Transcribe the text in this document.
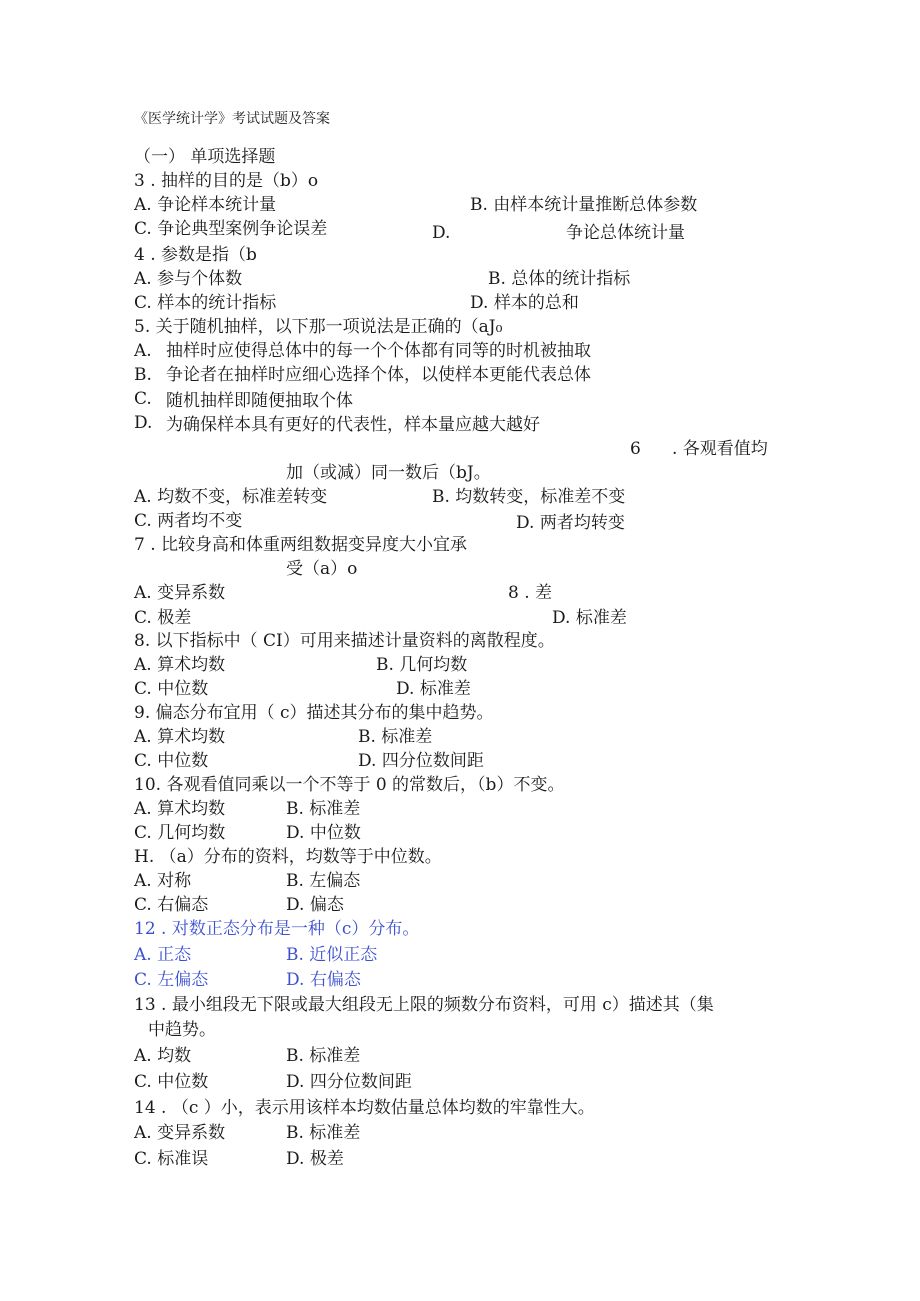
《医学统计学》考试试题及答案
（一） 单项选择题
3 . 抽样的目的是（b）o
A. 争论样本统计量	B. 由样本统计量推断总体参数
C. 争论典型案例争论误差	D.	争论总体统计量
4 . 参数是指（b
A. 参与个体数	B. 总体的统计指标
C. 样本的统计指标	D. 样本的总和
5. 关于随机抽样，以下那一项说法是正确的（aJ₀
A. 抽样时应使得总体中的每一个个体都有同等的时机被抽取
B. 争论者在抽样时应细心选择个体，以使样本更能代表总体
C. 随机抽样即随便抽取个体
D. 为确保样本具有更好的代表性，样本量应越大越好
6 . 各观看值均
加（或减）同一数后（bJ。
A. 均数不变，标准差转变	B. 均数转变，标准差不变
C. 两者均不变	D. 两者均转变
7 . 比较身高和体重两组数据变异度大小宜承
受（a）o
A. 变异系数	8 . 差
C. 极差	D. 标准差
8. 以下指标中（ CI）可用来描述计量资料的离散程度。
A. 算术均数	B. 几何均数
C. 中位数	D. 标准差
9. 偏态分布宜用（ c）描述其分布的集中趋势。
A. 算术均数	B. 标准差
C. 中位数	D. 四分位数间距
10. 各观看值同乘以一个不等于 0 的常数后，（b）不变。
A. 算术均数	B. 标准差
C. 几何均数	D. 中位数
H. （a）分布的资料，均数等于中位数。
A. 对称	B. 左偏态
C. 右偏态	D. 偏态
12 . 对数正态分布是一种（c）分布。
A. 正态	B. 近似正态
C. 左偏态	D. 右偏态
13 . 最小组段无下限或最大组段无上限的频数分布资料，可用 c）描述其（集
中趋势。
A. 均数	B. 标准差
C. 中位数	D. 四分位数间距
14 . （c ）小，表示用该样本均数估量总体均数的牢靠性大。
A. 变异系数	B. 标准差
C. 标准误	D. 极差
